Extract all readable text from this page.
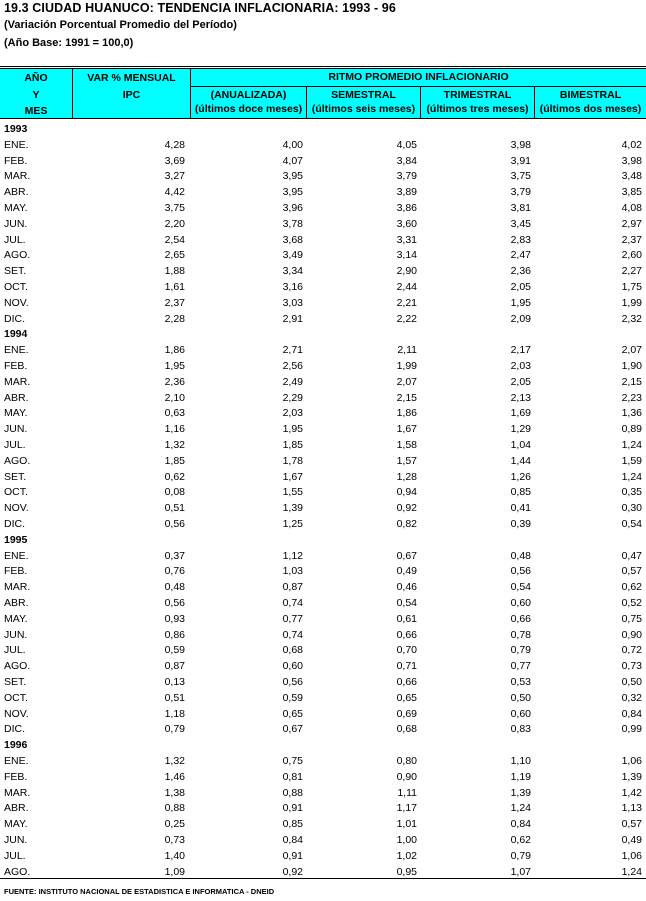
19.3 CIUDAD HUANUCO: TENDENCIA INFLACIONARIA: 1993 - 96
(Variación Porcentual Promedio del Período)
(Año Base: 1991 = 100,0)
AÑO
Y
MES
VAR % MENSUAL
IPC
RITMO PROMEDIO INFLACIONARIO
(ANUALIZADA)
(últimos doce meses)
SEMESTRAL
(últimos seis meses)
TRIMESTRAL
(últimos tres meses)
BIMESTRAL
(últimos dos meses)
1993
ENE.	4,28	4,00	4,05	3,98	4,02
FEB.	3,69	4,07	3,84	3,91	3,98
MAR.	3,27	3,95	3,79	3,75	3,48
ABR.	4,42	3,95	3,89	3,79	3,85
MAY.	3,75	3,96	3,86	3,81	4,08
JUN.	2,20	3,78	3,60	3,45	2,97
JUL.	2,54	3,68	3,31	2,83	2,37
AGO.	2,65	3,49	3,14	2,47	2,60
SET.	1,88	3,34	2,90	2,36	2,27
OCT.	1,61	3,16	2,44	2,05	1,75
NOV.	2,37	3,03	2,21	1,95	1,99
DIC.	2,28	2,91	2,22	2,09	2,32
1994
ENE.	1,86	2,71	2,11	2,17	2,07
FEB.	1,95	2,56	1,99	2,03	1,90
MAR.	2,36	2,49	2,07	2,05	2,15
ABR.	2,10	2,29	2,15	2,13	2,23
MAY.	0,63	2,03	1,86	1,69	1,36
JUN.	1,16	1,95	1,67	1,29	0,89
JUL.	1,32	1,85	1,58	1,04	1,24
AGO.	1,85	1,78	1,57	1,44	1,59
SET.	0,62	1,67	1,28	1,26	1,24
OCT.	0,08	1,55	0,94	0,85	0,35
NOV.	0,51	1,39	0,92	0,41	0,30
DIC.	0,56	1,25	0,82	0,39	0,54
1995
ENE.	0,37	1,12	0,67	0,48	0,47
FEB.	0,76	1,03	0,49	0,56	0,57
MAR.	0,48	0,87	0,46	0,54	0,62
ABR.	0,56	0,74	0,54	0,60	0,52
MAY.	0,93	0,77	0,61	0,66	0,75
JUN.	0,86	0,74	0,66	0,78	0,90
JUL.	0,59	0,68	0,70	0,79	0,72
AGO.	0,87	0,60	0,71	0,77	0,73
SET.	0,13	0,56	0,66	0,53	0,50
OCT.	0,51	0,59	0,65	0,50	0,32
NOV.	1,18	0,65	0,69	0,60	0,84
DIC.	0,79	0,67	0,68	0,83	0,99
1996
ENE.	1,32	0,75	0,80	1,10	1,06
FEB.	1,46	0,81	0,90	1,19	1,39
MAR.	1,38	0,88	1,11	1,39	1,42
ABR.	0,88	0,91	1,17	1,24	1,13
MAY.	0,25	0,85	1,01	0,84	0,57
JUN.	0,73	0,84	1,00	0,62	0,49
JUL.	1,40	0,91	1,02	0,79	1,06
AGO.	1,09	0,92	0,95	1,07	1,24
FUENTE: INSTITUTO NACIONAL DE ESTADISTICA E INFORMATICA - DNEID
